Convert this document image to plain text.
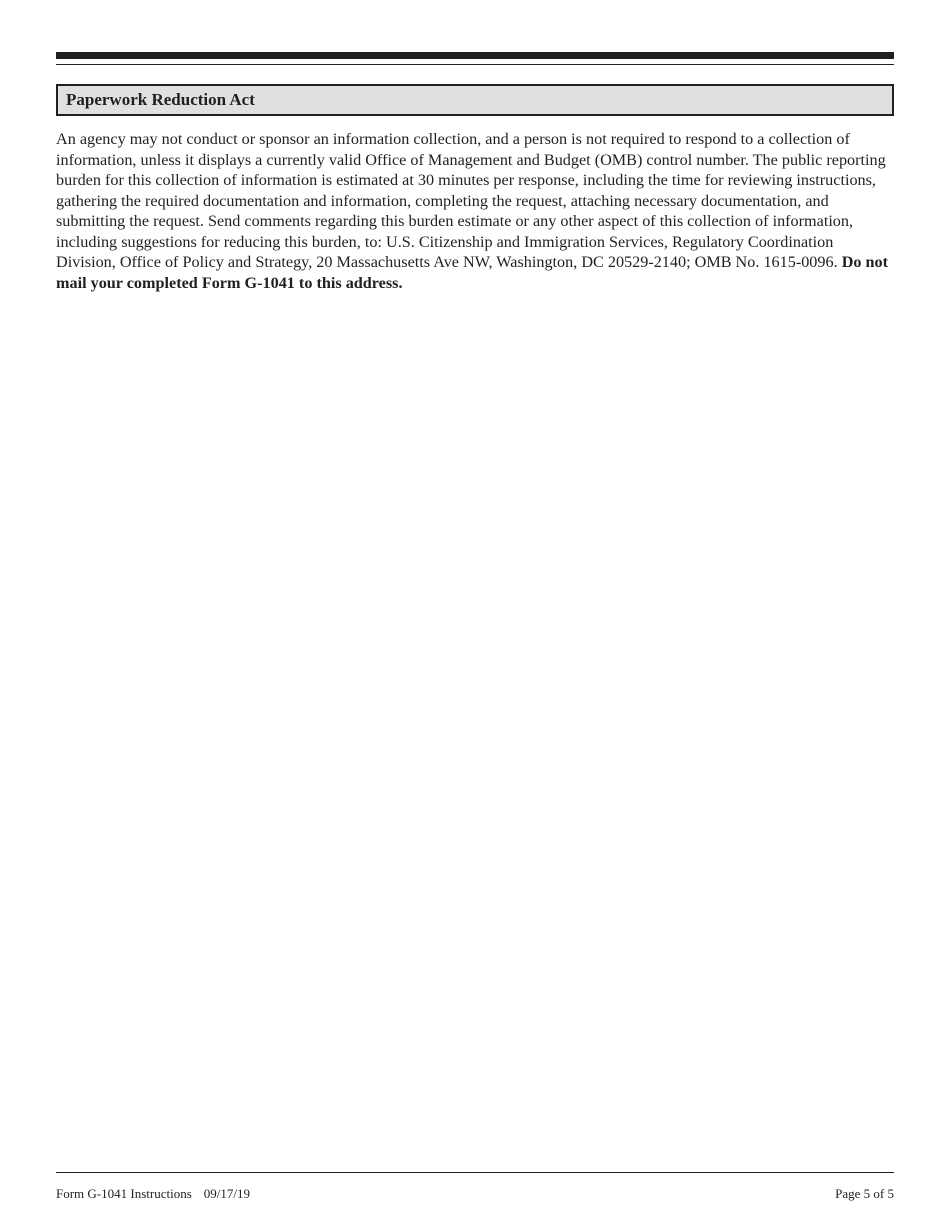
Paperwork Reduction Act

An agency may not conduct or sponsor an information collection, and a person is not required to respond to a collection of information, unless it displays a currently valid Office of Management and Budget (OMB) control number. The public reporting burden for this collection of information is estimated at 30 minutes per response, including the time for reviewing instructions, gathering the required documentation and information, completing the request, attaching necessary documentation, and submitting the request. Send comments regarding this burden estimate or any other aspect of this collection of information, including suggestions for reducing this burden, to: U.S. Citizenship and Immigration Services, Regulatory Coordination Division, Office of Policy and Strategy, 20 Massachusetts Ave NW, Washington, DC 20529-2140; OMB No. 1615-0096. Do not mail your completed Form G-1041 to this address.

Form G-1041 Instructions 09/17/19	Page 5 of 5
